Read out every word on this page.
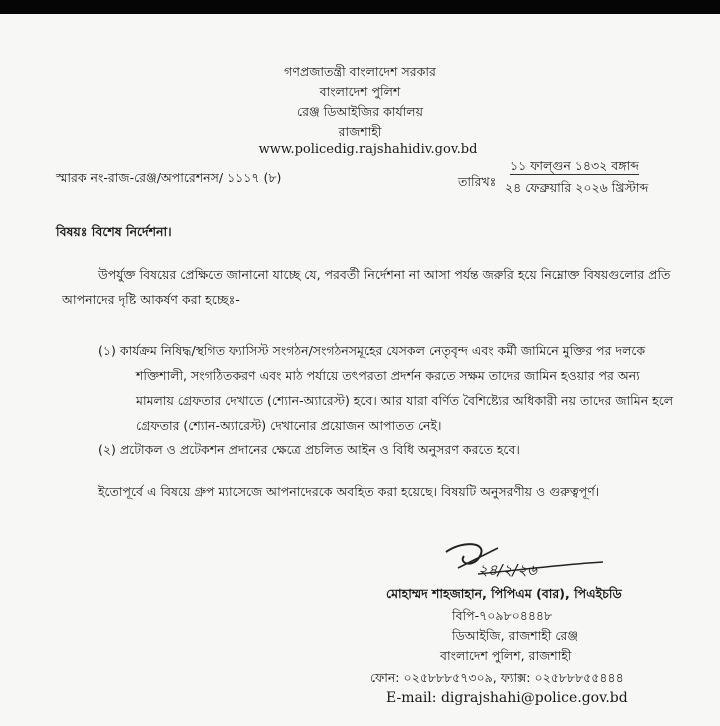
গণপ্রজাতন্ত্রী বাংলাদেশ সরকার
বাংলাদেশ পুলিশ
রেঞ্জ ডিআইজির কার্যালয়
রাজশাহী
www.policedig.rajshahidiv.gov.bd
স্মারক নং-রাজ-রেঞ্জ/অপারেশনস/ ১১১৭ (৮)	তারিখঃ
১১ ফাল্গুন ১৪৩২ বঙ্গাব্দ
২৪ ফেব্রুয়ারি ২০২৬ খ্রিস্টাব্দ
বিষয়ঃ বিশেষ নির্দেশনা।
উপর্যুক্ত বিষয়ের প্রেক্ষিতে জানানো যাচ্ছে যে, পরবর্তী নির্দেশনা না আসা পর্যন্ত জরুরি হয়ে নিম্নোক্ত বিষয়গুলোর প্রতি
আপনাদের দৃষ্টি আকর্ষণ করা হচ্ছেঃ-
(১) কার্যক্রম নিষিদ্ধ/স্থগিত ফ্যাসিস্ট সংগঠন/সংগঠনসমূহের যেসকল নেতৃবৃন্দ এবং কর্মী জামিনে মুক্তির পর দলকে
শক্তিশালী, সংগঠিতকরণ এবং মাঠ পর্যায়ে তৎপরতা প্রদর্শন করতে সক্ষম তাদের জামিন হওয়ার পর অন্য
মামলায় গ্রেফতার দেখাতে (শ্যোন-অ্যারেস্ট) হবে। আর যারা বর্ণিত বৈশিষ্ট্যের অধিকারী নয় তাদের জামিন হলে
গ্রেফতার (শ্যোন-অ্যারেস্ট) দেখানোর প্রয়োজন আপাতত নেই।
(২) প্রটোকল ও প্রটেকশন প্রদানের ক্ষেত্রে প্রচলিত আইন ও বিধি অনুসরণ করতে হবে।
ইতোপূর্বে এ বিষয়ে গ্রুপ ম্যাসেজে আপনাদেরকে অবহিত করা হয়েছে। বিষয়টি অনুসরণীয় ও গুরুত্বপূর্ণ।
২৪/২/২৬
মোহাম্মদ শাহজাহান, পিপিএম (বার), পিএইচডি
বিপি-৭০৯৮০৪৪৪৮
ডিআইজি, রাজশাহী রেঞ্জ
বাংলাদেশ পুলিশ, রাজশাহী
ফোন: ০২৫৮৮৮৫৭৩০৯, ফ্যাক্স: ০২৫৮৮৮৫৫৪৪৪
E-mail: digrajshahi@police.gov.bd
